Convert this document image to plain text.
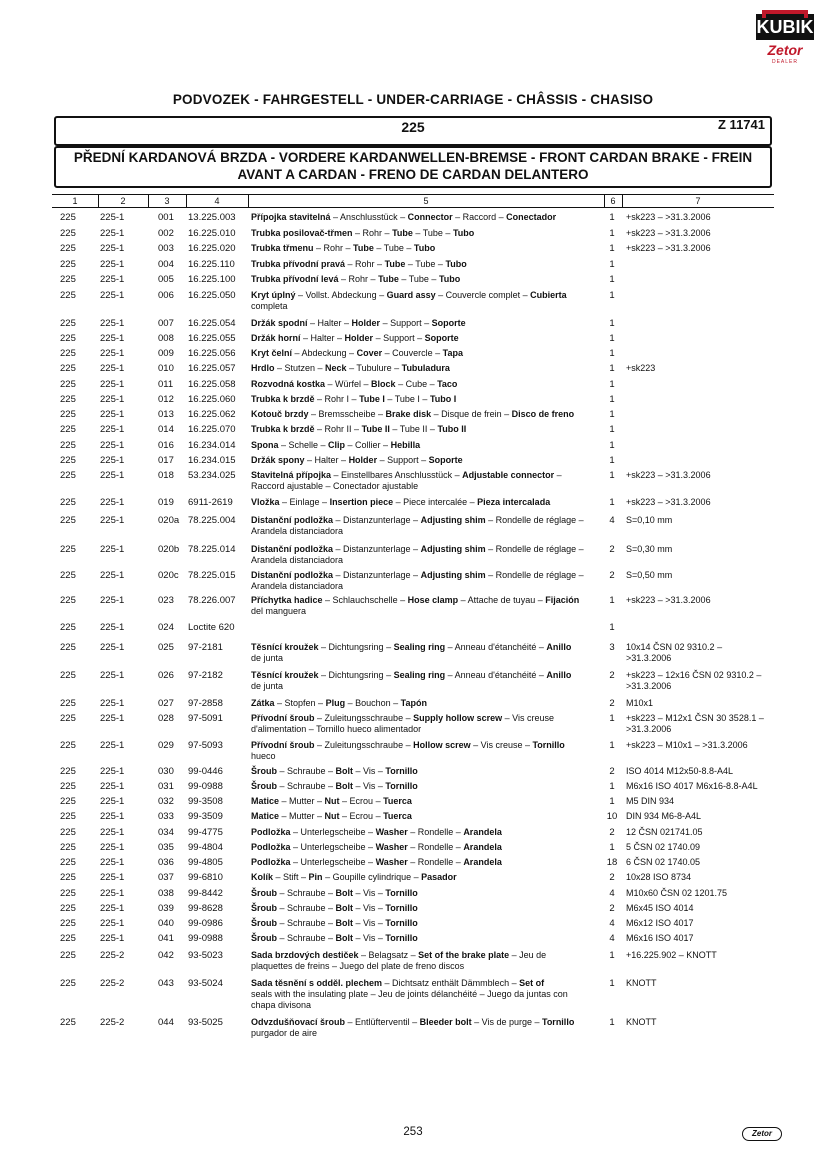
KUBIK
Zetor
DEALER
PODVOZEK - FAHRGESTELL - UNDER-CARRIAGE - CHÂSSIS - CHASISO
225	Z 11741
PŘEDNÍ KARDANOVÁ BRZDA - VORDERE KARDANWELLEN-BREMSE - FRONT CARDAN BRAKE - FREIN
AVANT A CARDAN - FRENO DE CARDAN DELANTERO
1	2	3	4	5	6	7
225	225-1	001	13.225.003	Přípojka stavitelná – Anschlusstück – Connector – Raccord – Conectador	1	+sk223 – >31.3.2006
225	225-1	002	16.225.010	Trubka posilovač-třmen – Rohr – Tube – Tube – Tubo	1	+sk223 – >31.3.2006
225	225-1	003	16.225.020	Trubka třmenu – Rohr – Tube – Tube – Tubo	1	+sk223 – >31.3.2006
225	225-1	004	16.225.110	Trubka přívodní pravá – Rohr – Tube – Tube – Tubo	1
225	225-1	005	16.225.100	Trubka přívodní levá – Rohr – Tube – Tube – Tubo	1
225	225-1	006	16.225.050	Kryt úplný – Vollst. Abdeckung – Guard assy – Couvercle complet – Cubierta
completa
1
225	225-1	007	16.225.054	Držák spodní – Halter – Holder – Support – Soporte	1
225	225-1	008	16.225.055	Držák horní – Halter – Holder – Support – Soporte	1
225	225-1	009	16.225.056	Kryt čelní – Abdeckung – Cover – Couvercle – Tapa	1
225	225-1	010	16.225.057	Hrdlo – Stutzen – Neck – Tubulure – Tubuladura	1	+sk223
225	225-1	011	16.225.058	Rozvodná kostka – Würfel – Block – Cube – Taco	1
225	225-1	012	16.225.060	Trubka k brzdě – Rohr I – Tube I – Tube I – Tubo I	1
225	225-1	013	16.225.062	Kotouč brzdy – Bremsscheibe – Brake disk – Disque de frein – Disco de freno	1
225	225-1	014	16.225.070	Trubka k brzdě – Rohr II – Tube II – Tube II – Tubo II	1
225	225-1	016	16.234.014	Spona – Schelle – Clip – Collier – Hebilla	1
225	225-1	017	16.234.015	Držák spony – Halter – Holder – Support – Soporte	1
225	225-1	018	53.234.025	Stavitelná přípojka – Einstellbares Anschlusstück – Adjustable connector –
Raccord ajustable – Conectador ajustable
1	+sk223 – >31.3.2006
225	225-1	019	6911-2619	Vložka – Einlage – Insertion piece – Piece intercalée – Pieza intercalada	1	+sk223 – >31.3.2006
225	225-1	020a 78.225.004	Distanční podložka – Distanzunterlage – Adjusting shim – Rondelle de réglage –
Arandela distanciadora
4	S=0,10 mm
225	225-1	020b 78.225.014	Distanční podložka – Distanzunterlage – Adjusting shim – Rondelle de réglage –
Arandela distanciadora
2	S=0,30 mm
225	225-1	020c 78.225.015	Distanční podložka – Distanzunterlage – Adjusting shim – Rondelle de réglage –
Arandela distanciadora
2	S=0,50 mm
225	225-1	023	78.226.007	Příchytka hadice – Schlauchschelle – Hose clamp – Attache de tuyau – Fijación
del manguera
1	+sk223 – >31.3.2006
225	225-1	024	Loctite 620	1
225	225-1	025	97-2181	Těsnící kroužek – Dichtungsring – Sealing ring – Anneau d'étanchéité – Anillo
de junta
3	10x14 ČSN 02 9310.2 –
>31.3.2006
225	225-1	026	97-2182	Těsnící kroužek – Dichtungsring – Sealing ring – Anneau d'étanchéité – Anillo
de junta
2	+sk223 – 12x16 ČSN 02 9310.2 –
>31.3.2006
225	225-1	027	97-2858	Zátka – Stopfen – Plug – Bouchon – Tapón	2	M10x1
225	225-1	028	97-5091	Přívodní šroub – Zuleitungsschraube – Supply hollow screw – Vis creuse
d'alimentation – Tornillo hueco alimentador
1	+sk223 – M12x1 ČSN 30 3528.1 –
>31.3.2006
225	225-1	029	97-5093	Přívodní šroub – Zuleitungsschraube – Hollow screw – Vis creuse – Tornillo
hueco
1	+sk223 – M10x1 – >31.3.2006
225	225-1	030	99-0446	Šroub – Schraube – Bolt – Vis – Tornillo	2	ISO 4014 M12x50-8.8-A4L
225	225-1	031	99-0988	Šroub – Schraube – Bolt – Vis – Tornillo	1	M6x16 ISO 4017 M6x16-8.8-A4L
225	225-1	032	99-3508	Matice – Mutter – Nut – Ecrou – Tuerca	1	M5 DIN 934
225	225-1	033	99-3509	Matice – Mutter – Nut – Ecrou – Tuerca	10 DIN 934 M6-8-A4L
225	225-1	034	99-4775	Podložka – Unterlegscheibe – Washer – Rondelle – Arandela	2	12 ČSN 021741.05
225	225-1	035	99-4804	Podložka – Unterlegscheibe – Washer – Rondelle – Arandela	1	5 ČSN 02 1740.09
225	225-1	036	99-4805	Podložka – Unterlegscheibe – Washer – Rondelle – Arandela	18 6 ČSN 02 1740.05
225	225-1	037	99-6810	Kolík – Stift – Pin – Goupille cylindrique – Pasador	2	10x28 ISO 8734
225	225-1	038	99-8442	Šroub – Schraube – Bolt – Vis – Tornillo	4	M10x60 ČSN 02 1201.75
225	225-1	039	99-8628	Šroub – Schraube – Bolt – Vis – Tornillo	2	M6x45 ISO 4014
225	225-1	040	99-0986	Šroub – Schraube – Bolt – Vis – Tornillo	4	M6x12 ISO 4017
225	225-1	041	99-0988	Šroub – Schraube – Bolt – Vis – Tornillo	4	M6x16 ISO 4017
225	225-2	042	93-5023	Sada brzdových destiček – Belagsatz – Set of the brake plate – Jeu de
plaquettes de freins – Juego del plate de freno discos
1	+16.225.902 – KNOTT
225	225-2	043	93-5024	Sada těsnění s odděl. plechem – Dichtsatz enthält Dämmblech – Set of
seals with the insulating plate – Jeu de joints délanchéité – Juego da juntas con
chapa divisona
1	KNOTT
225	225-2	044	93-5025	Odvzdušňovací šroub – Entlüfterventil – Bleeder bolt – Vis de purge – Tornillo
purgador de aire
1	KNOTT
253	Zetor
